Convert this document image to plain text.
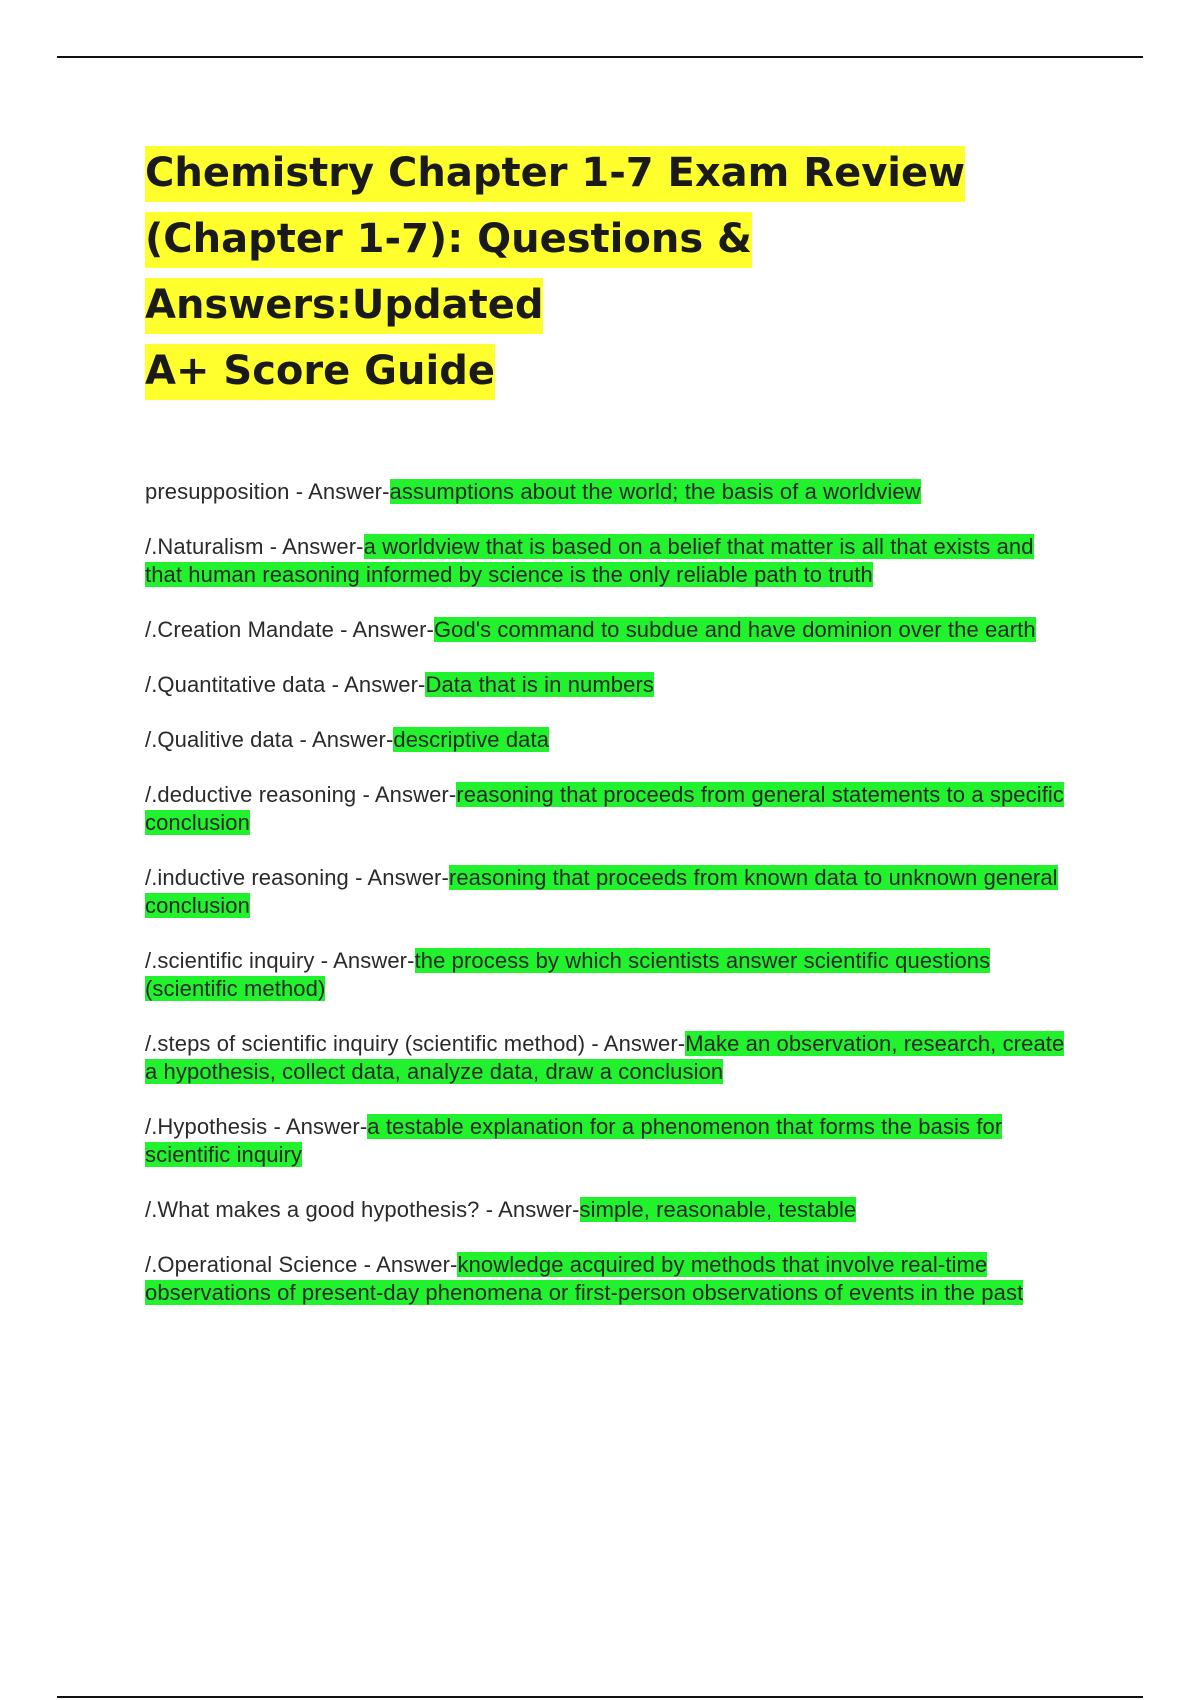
Chemistry Chapter 1-7 Exam Review
(Chapter 1-7): Questions & Answers:Updated
A+ Score Guide
presupposition - Answer-assumptions about the world; the basis of a worldview
/.Naturalism - Answer-a worldview that is based on a belief that matter is all that exists and that human reasoning informed by science is the only reliable path to truth
/.Creation Mandate - Answer-God's command to subdue and have dominion over the earth
/.Quantitative data - Answer-Data that is in numbers
/.Qualitive data - Answer-descriptive data
/.deductive reasoning - Answer-reasoning that proceeds from general statements to a specific conclusion
/.inductive reasoning - Answer-reasoning that proceeds from known data to unknown general conclusion
/.scientific inquiry - Answer-the process by which scientists answer scientific questions (scientific method)
/.steps of scientific inquiry (scientific method) - Answer-Make an observation, research, create a hypothesis, collect data, analyze data, draw a conclusion
/.Hypothesis - Answer-a testable explanation for a phenomenon that forms the basis for scientific inquiry
/.What makes a good hypothesis? - Answer-simple, reasonable, testable
/.Operational Science - Answer-knowledge acquired by methods that involve real-time observations of present-day phenomena or first-person observations of events in the past
